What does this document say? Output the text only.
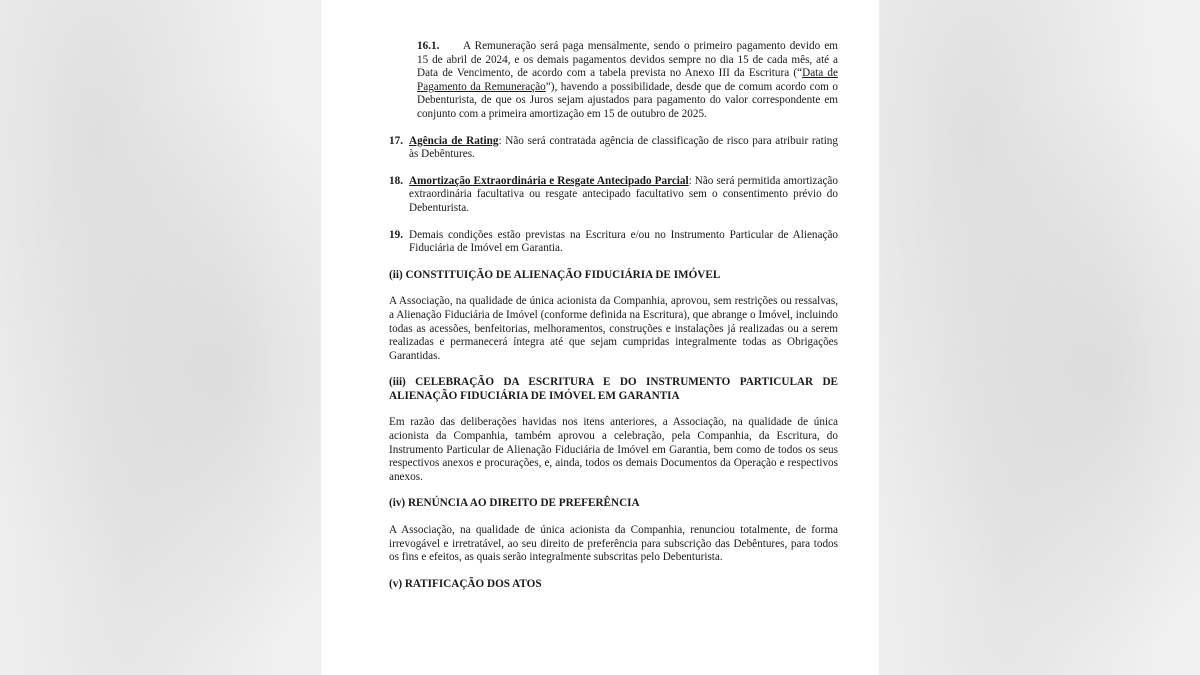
16.1. A Remuneração será paga mensalmente, sendo o primeiro pagamento devido em 15 de abril de 2024, e os demais pagamentos devidos sempre no dia 15 de cada mês, até a Data de Vencimento, de acordo com a tabela prevista no Anexo III da Escritura (“Data de Pagamento da Remuneração”), havendo a possibilidade, desde que de comum acordo com o Debenturista, de que os Juros sejam ajustados para pagamento do valor correspondente em conjunto com a primeira amortização em 15 de outubro de 2025.

17. Agência de Rating: Não será contratada agência de classificação de risco para atribuir rating às Debêntures.

18. Amortização Extraordinária e Resgate Antecipado Parcial: Não será permitida amortização extraordinária facultativa ou resgate antecipado facultativo sem o consentimento prévio do Debenturista.

19. Demais condições estão previstas na Escritura e/ou no Instrumento Particular de Alienação Fiduciária de Imóvel em Garantia.

(ii) CONSTITUIÇÃO DE ALIENAÇÃO FIDUCIÁRIA DE IMÓVEL

A Associação, na qualidade de única acionista da Companhia, aprovou, sem restrições ou ressalvas, a Alienação Fiduciária de Imóvel (conforme definida na Escritura), que abrange o Imóvel, incluindo todas as acessões, benfeitorias, melhoramentos, construções e instalações já realizadas ou a serem realizadas e permanecerá íntegra até que sejam cumpridas integralmente todas as Obrigações Garantidas.

(iii) CELEBRAÇÃO DA ESCRITURA E DO INSTRUMENTO PARTICULAR DE ALIENAÇÃO FIDUCIÁRIA DE IMÓVEL EM GARANTIA

Em razão das deliberações havidas nos itens anteriores, a Associação, na qualidade de única acionista da Companhia, também aprovou a celebração, pela Companhia, da Escritura, do Instrumento Particular de Alienação Fiduciária de Imóvel em Garantia, bem como de todos os seus respectivos anexos e procurações, e, ainda, todos os demais Documentos da Operação e respectivos anexos.

(iv) RENÚNCIA AO DIREITO DE PREFERÊNCIA

A Associação, na qualidade de única acionista da Companhia, renunciou totalmente, de forma irrevogável e irretratável, ao seu direito de preferência para subscrição das Debêntures, para todos os fins e efeitos, as quais serão integralmente subscritas pelo Debenturista.

(v) RATIFICAÇÃO DOS ATOS
